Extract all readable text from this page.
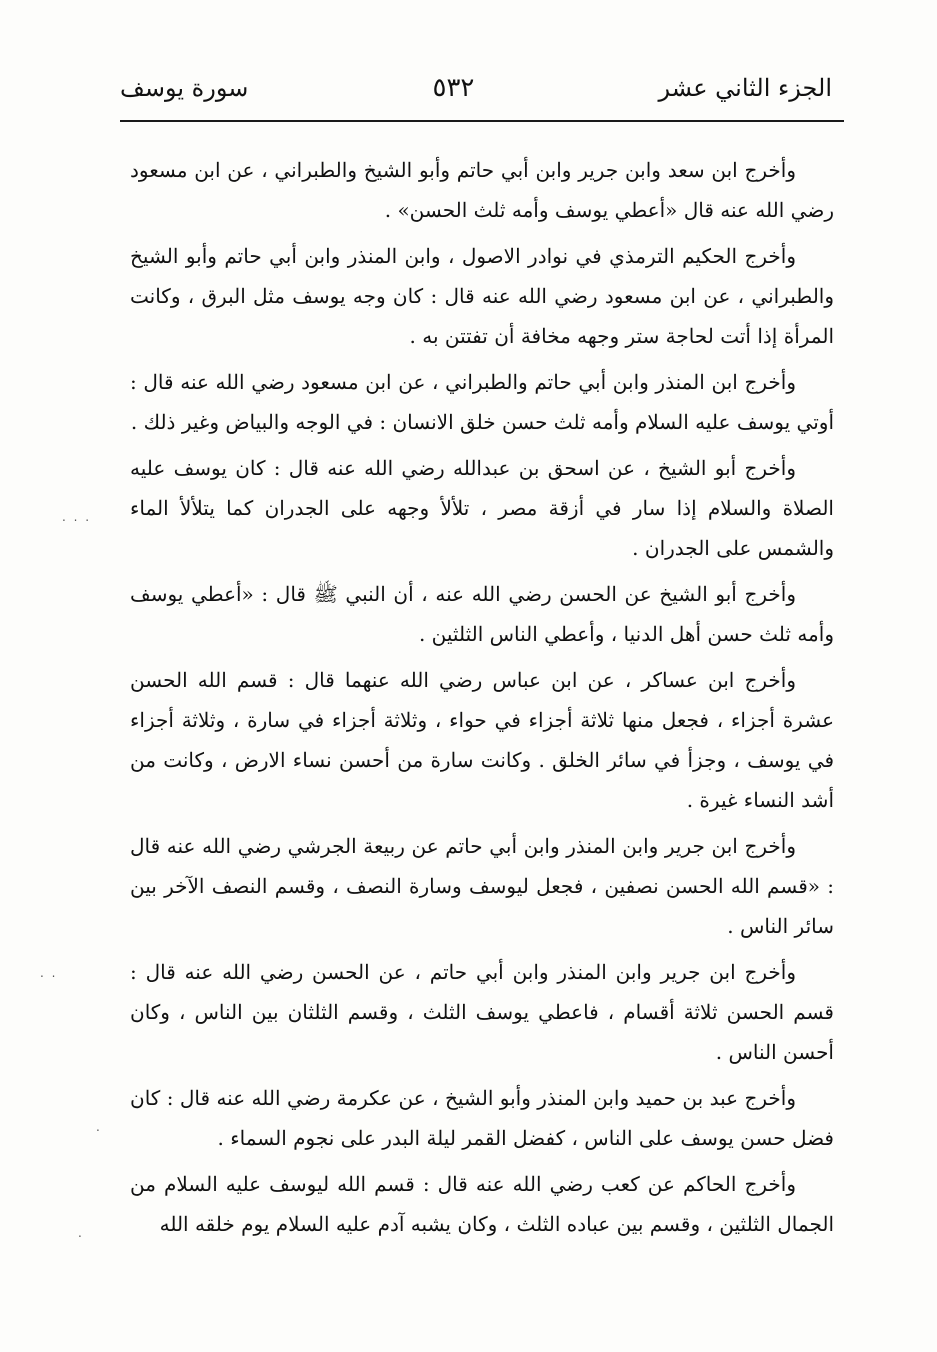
الجزء الثاني عشر
٥٣٢
سورة يوسف

وأخرج ابن سعد وابن جرير وابن أبي حاتم وأبو الشيخ والطبراني ، عن ابن مسعود رضي الله عنه قال «أعطي يوسف وأمه ثلث الحسن» .

وأخرج الحكيم الترمذي في نوادر الاصول ، وابن المنذر وابن أبي حاتم وأبو الشيخ والطبراني ، عن ابن مسعود رضي الله عنه قال : كان وجه يوسف مثل البرق ، وكانت المرأة إذا أتت لحاجة ستر وجهه مخافة أن تفتتن به .

وأخرج ابن المنذر وابن أبي حاتم والطبراني ، عن ابن مسعود رضي الله عنه قال : أوتي يوسف عليه السلام وأمه ثلث حسن خلق الانسان : في الوجه والبياض وغير ذلك .

وأخرج أبو الشيخ ، عن اسحق بن عبدالله رضي الله عنه قال : كان يوسف عليه الصلاة والسلام إذا سار في أزقة مصر ، تلألأ وجهه على الجدران كما يتلألأ الماء والشمس على الجدران .

وأخرج أبو الشيخ عن الحسن رضي الله عنه ، أن النبي ﷺ قال : «أعطي يوسف وأمه ثلث حسن أهل الدنيا ، وأعطي الناس الثلثين .

وأخرج ابن عساكر ، عن ابن عباس رضي الله عنهما قال : قسم الله الحسن عشرة أجزاء ، فجعل منها ثلاثة أجزاء في حواء ، وثلاثة أجزاء في سارة ، وثلاثة أجزاء في يوسف ، وجزأ في سائر الخلق . وكانت سارة من أحسن نساء الارض ، وكانت من أشد النساء غيرة .

وأخرج ابن جرير وابن المنذر وابن أبي حاتم عن ربيعة الجرشي رضي الله عنه قال : «قسم الله الحسن نصفين ، فجعل ليوسف وسارة النصف ، وقسم النصف الآخر بين سائر الناس .

وأخرج ابن جرير وابن المنذر وابن أبي حاتم ، عن الحسن رضي الله عنه قال : قسم الحسن ثلاثة أقسام ، فاعطي يوسف الثلث ، وقسم الثلثان بين الناس ، وكان أحسن الناس .

وأخرج عبد بن حميد وابن المنذر وأبو الشيخ ، عن عكرمة رضي الله عنه قال : كان فضل حسن يوسف على الناس ، كفضل القمر ليلة البدر على نجوم السماء .

وأخرج الحاكم عن كعب رضي الله عنه قال : قسم الله ليوسف عليه السلام من الجمال الثلثين ، وقسم بين عباده الثلث ، وكان يشبه آدم عليه السلام يوم خلقه الله

. . .
. .
.
.
